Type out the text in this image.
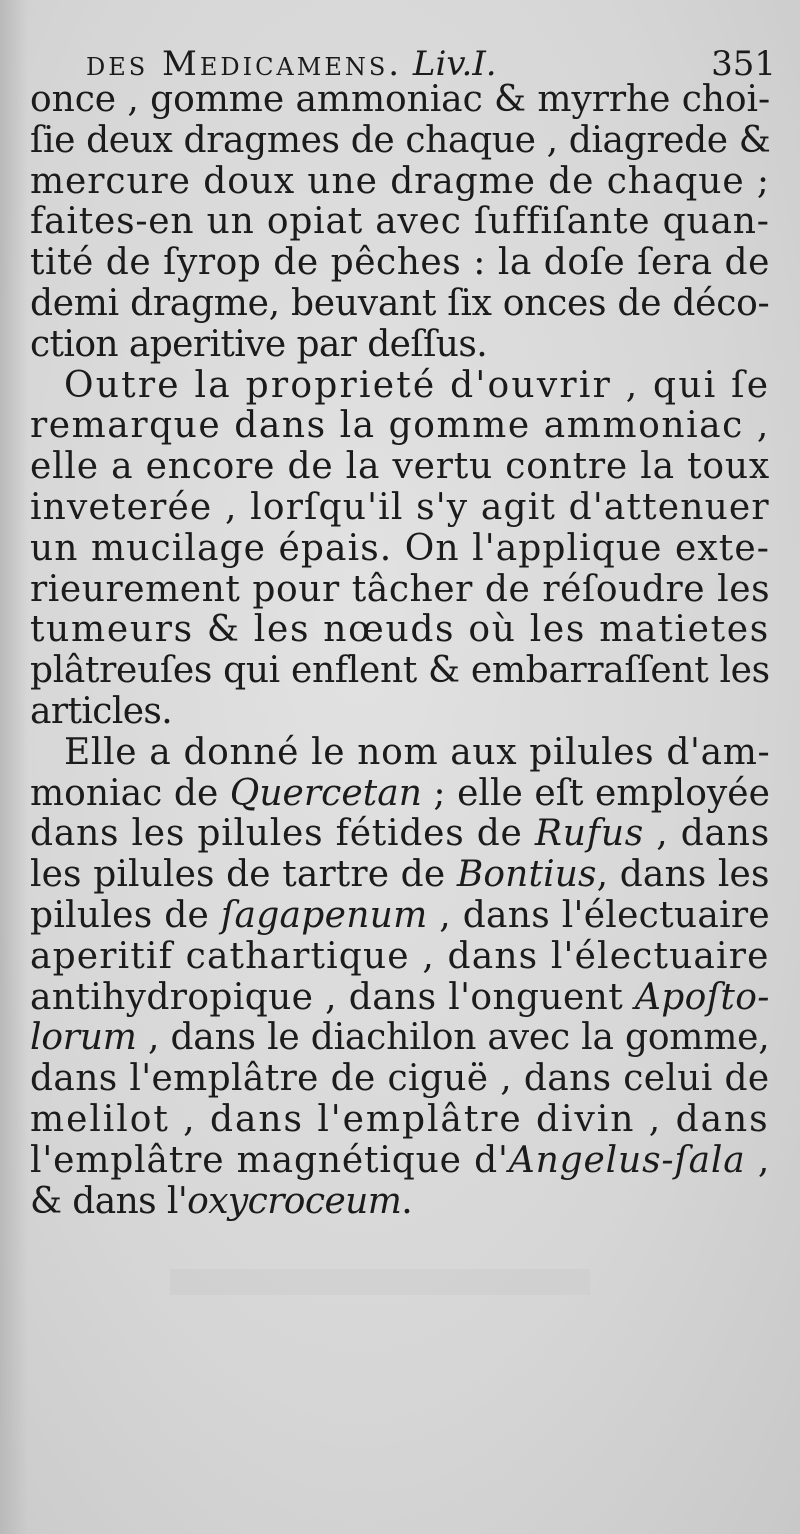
des Medicamens. Liv.I.	351
once , gomme ammoniac & myrrhe choi-
ſie deux dragmes de chaque , diagrede &
mercure doux une dragme de chaque ;
faites-en un opiat avec ſuffiſante quan-
tité de ſyrop de pêches : la doſe ſera de
demi dragme, beuvant ſix onces de déco-
ction aperitive par deſſus.
Outre la proprieté d'ouvrir , qui ſe
remarque dans la gomme ammoniac ,
elle a encore de la vertu contre la toux
inveterée , lorſqu'il s'y agit d'attenuer
un mucilage épais. On l'applique exte-
rieurement pour tâcher de réſoudre les
tumeurs & les nœuds où les matietes
plâtreuſes qui enflent & embarraſſent les
articles.
Elle a donné le nom aux pilules d'am-
moniac de Quercetan ; elle eſt employée
dans les pilules fétides de Rufus , dans
les pilules de tartre de Bontius, dans les
pilules de ſagapenum , dans l'électuaire
aperitif cathartique , dans l'électuaire
antihydropique , dans l'onguent Apoſto-
lorum , dans le diachilon avec la gomme,
dans l'emplâtre de ciguë , dans celui de
melilot , dans l'emplâtre divin , dans
l'emplâtre magnétique d'Angelus-ſala ,
& dans l'oxycroceum.
